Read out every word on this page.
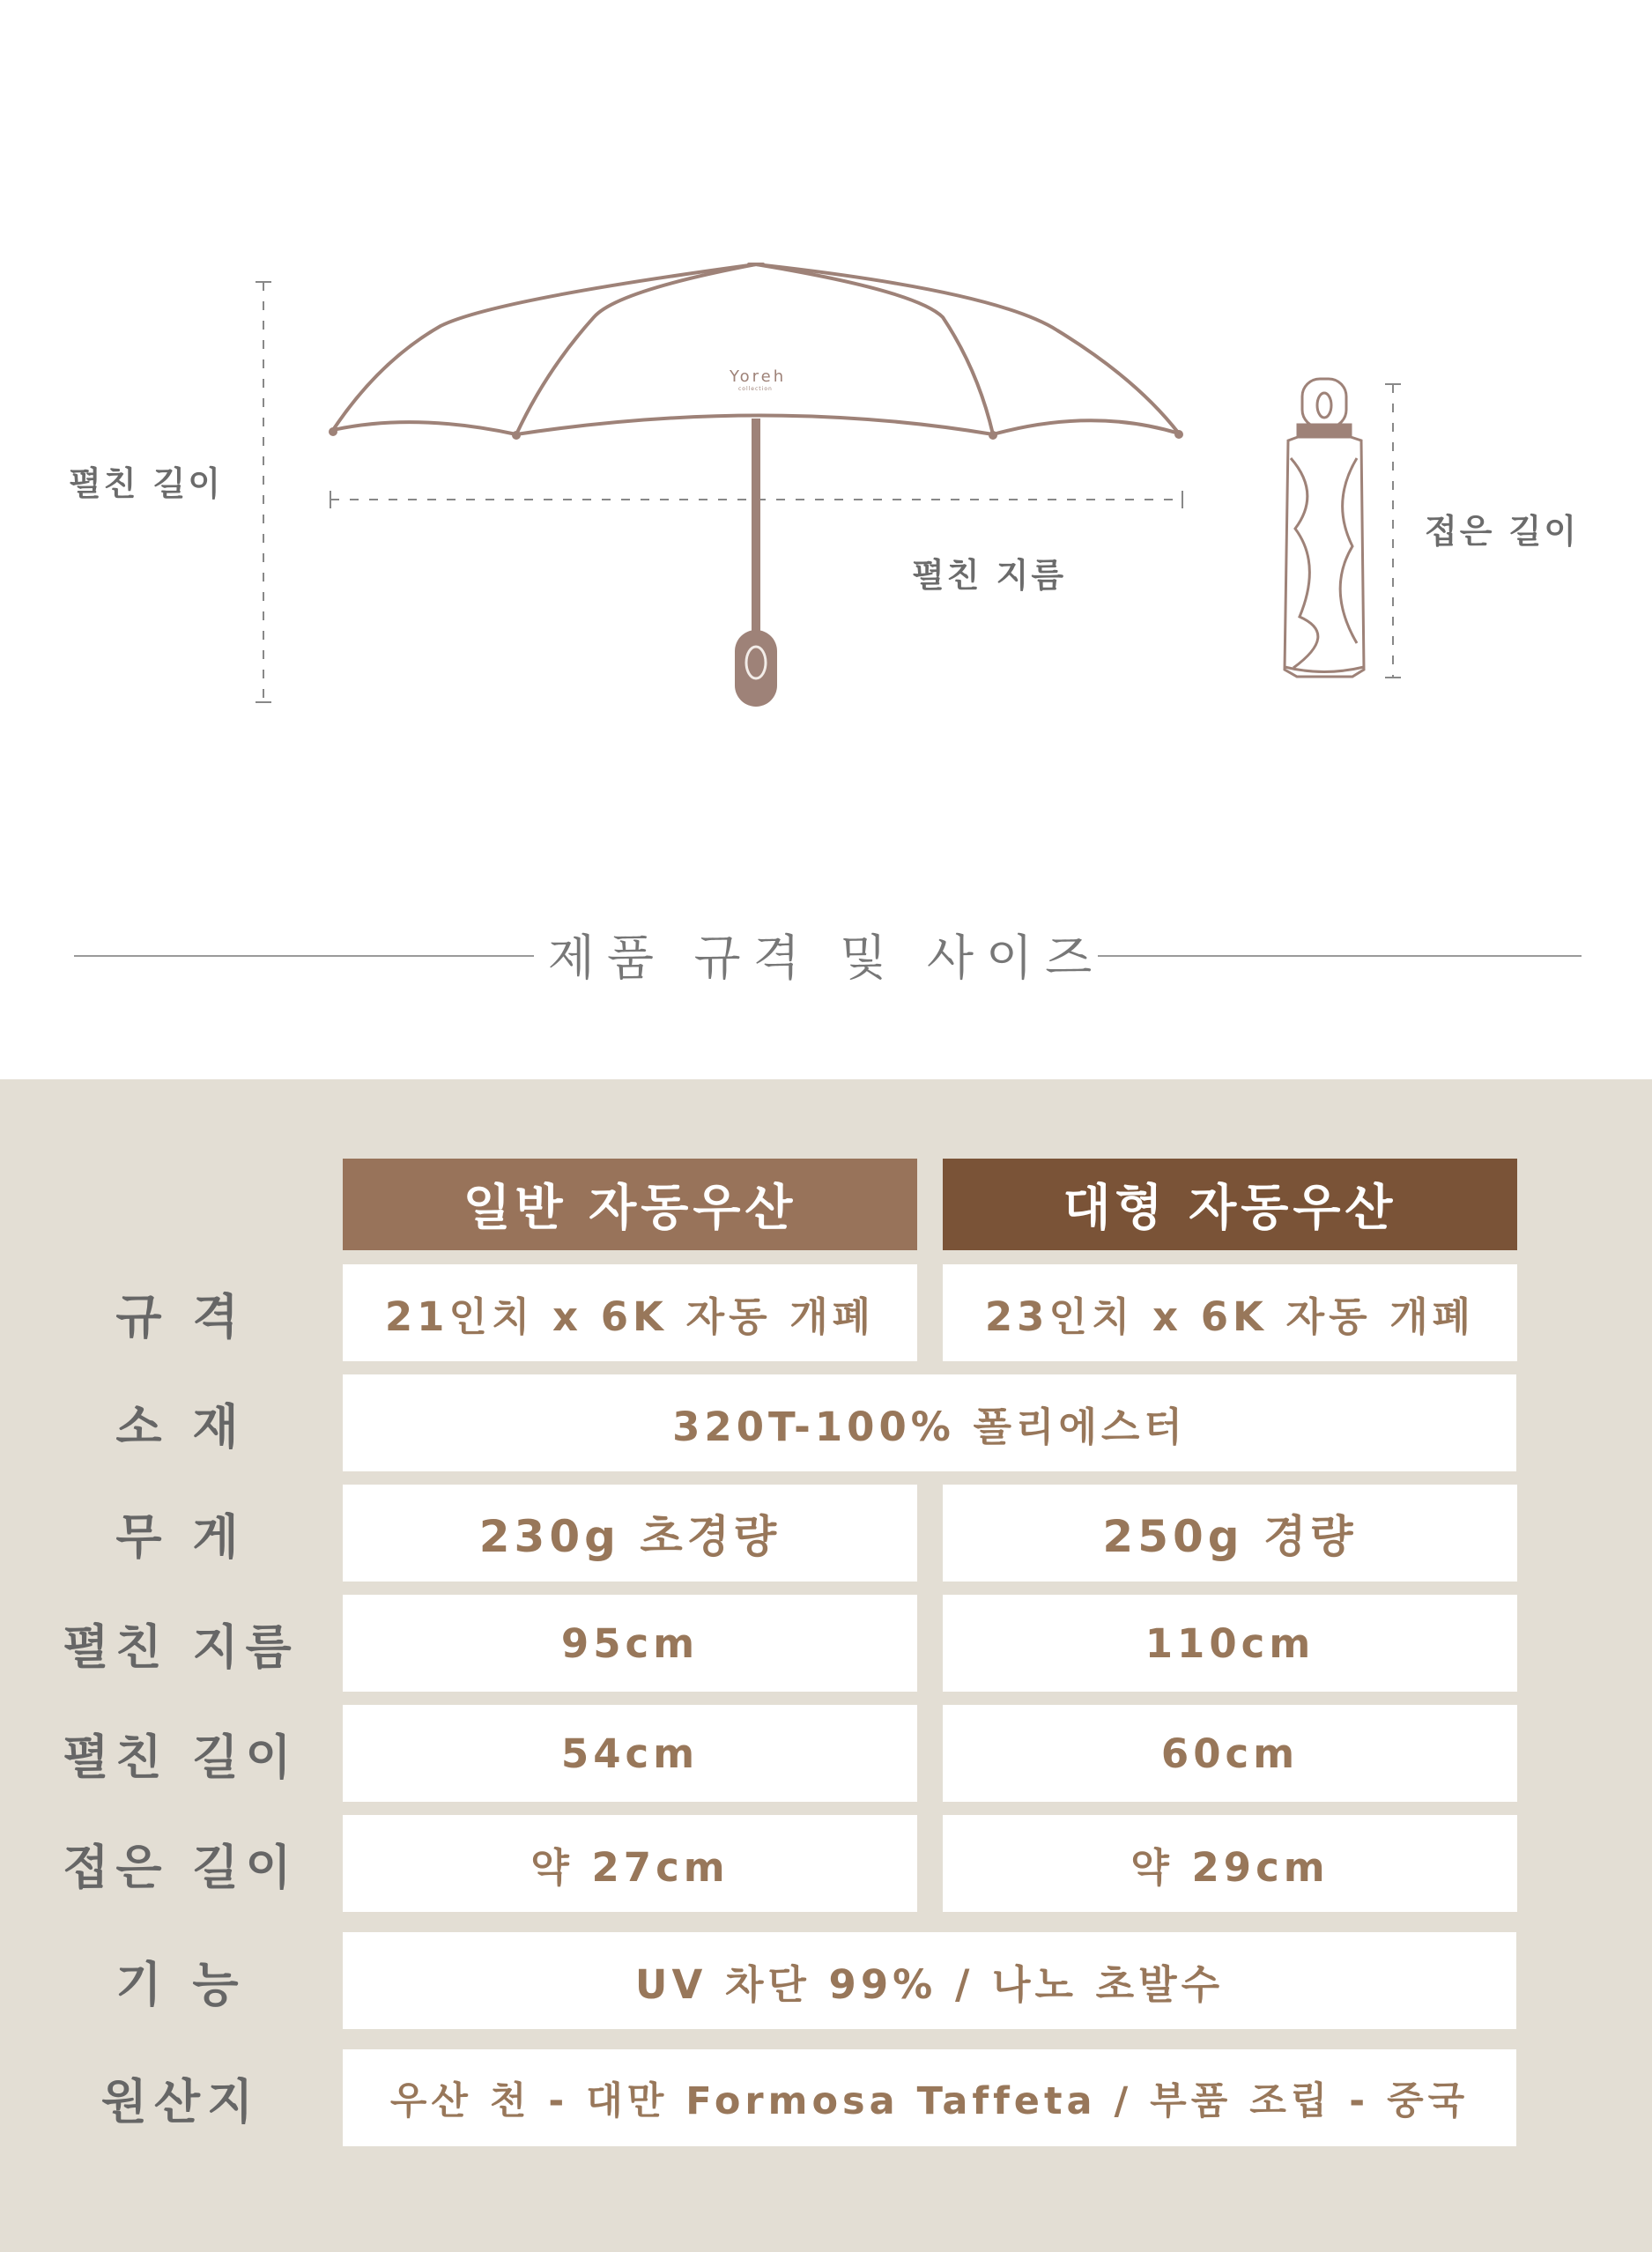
Yoreh
collection
펼친 길이
펼친 지름
접은 길이
제품 규격 및 사이즈
일반 자동우산	대형 자동우산
규 격	21인치 x 6K 자동 개폐	23인치 x 6K 자동 개폐
소 재	320T-100% 폴리에스터
무 게	230g 초경량	250g 경량
펼친 지름	95cm	110cm
펼친 길이	54cm	60cm
접은 길이	약 27cm	약 29cm
기 능	UV 차단 99% / 나노 초발수
원산지	우산 천 - 대만 Formosa Taffeta / 부품 조립 - 중국
